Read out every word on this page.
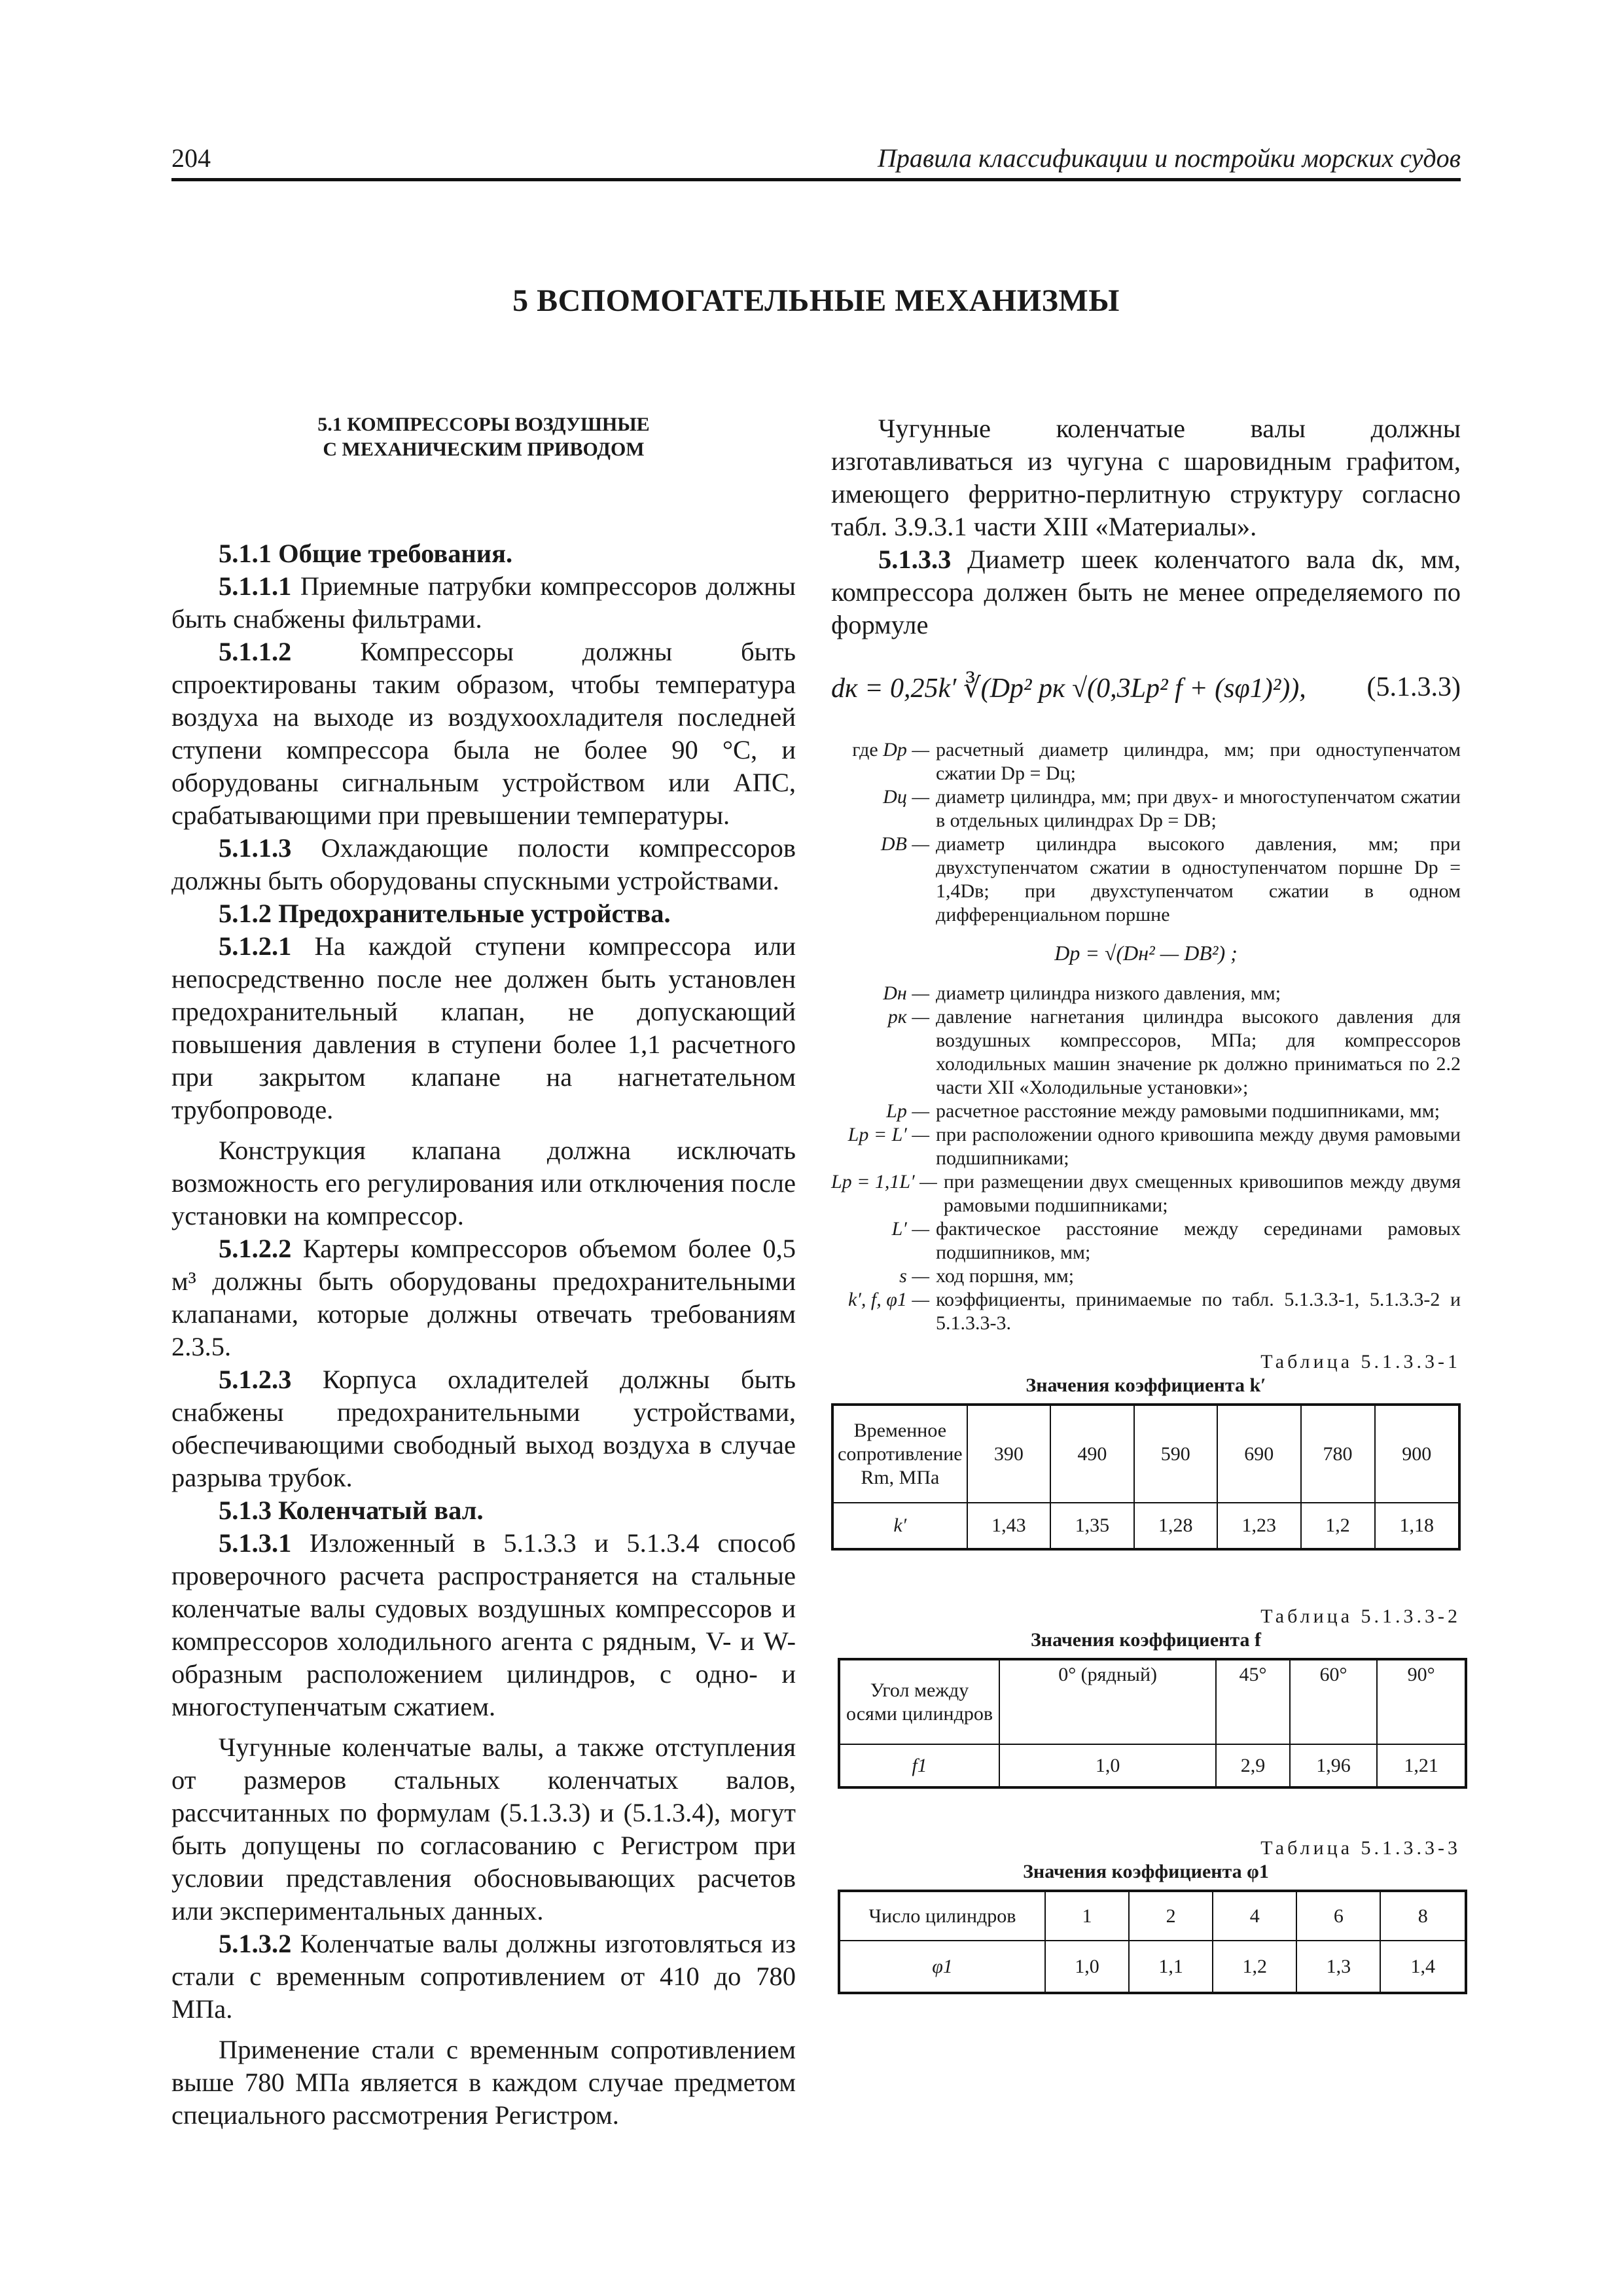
204	Правила классификации и постройки морских судов
5 ВСПОМОГАТЕЛЬНЫЕ МЕХАНИЗМЫ
5.1 КОМПРЕССОРЫ ВОЗДУШНЫЕ
С МЕХАНИЧЕСКИМ ПРИВОДОМ

5.1.1 Общие требования.

5.1.1.1 Приемные патрубки компрессоров должны быть снабжены фильтрами.

5.1.1.2 Компрессоры должны быть спроектированы таким образом, чтобы температура воздуха на выходе из воздухоохладителя последней ступени компрессора была не более 90 °С, и оборудованы сигнальным устройством или АПС, срабатывающими при превышении температуры.

5.1.1.3 Охлаждающие полости компрессоров должны быть оборудованы спускными устройствами.

5.1.2 Предохранительные устройства.

5.1.2.1 На каждой ступени компрессора или непосредственно после нее должен быть установлен предохранительный клапан, не допускающий повышения давления в ступени более 1,1 расчетного при закрытом клапане на нагнетательном трубопроводе.

Конструкция клапана должна исключать возможность его регулирования или отключения после установки на компрессор.

5.1.2.2 Картеры компрессоров объемом более 0,5 м³ должны быть оборудованы предохранительными клапанами, которые должны отвечать требованиям 2.3.5.

5.1.2.3 Корпуса охладителей должны быть снабжены предохранительными устройствами, обеспечивающими свободный выход воздуха в случае разрыва трубок.

5.1.3 Коленчатый вал.

5.1.3.1 Изложенный в 5.1.3.3 и 5.1.3.4 способ проверочного расчета распространяется на стальные коленчатые валы судовых воздушных компрессоров и компрессоров холодильного агента с рядным, V- и W-образным расположением цилиндров, с одно- и многоступенчатым сжатием.

Чугунные коленчатые валы, а также отступления от размеров стальных коленчатых валов, рассчитанных по формулам (5.1.3.3) и (5.1.3.4), могут быть допущены по согласованию с Регистром при условии представления обосновывающих расчетов или экспериментальных данных.

5.1.3.2 Коленчатые валы должны изготовляться из стали с временным сопротивлением от 410 до 780 МПа.

Применение стали с временным сопротивлением выше 780 МПа является в каждом случае предметом специального рассмотрения Регистром.

Чугунные коленчатые валы должны изготавливаться из чугуна с шаровидным графитом, имеющего ферритно-перлитную структуру согласно табл. 3.9.3.1 части XIII «Материалы».

5.1.3.3 Диаметр шеек коленчатого вала dк, мм, компрессора должен быть не менее определяемого по формуле

dк = 0,25k′ ∛(Dр² pк √(0,3Lр² f + (sφ1)²)), (5.1.3.3)
где Dр — расчетный диаметр цилиндра, мм; при одноступенчатом сжатии Dр = Dц;
Dц — диаметр цилиндра, мм; при двух- и многоступенчатом сжатии в отдельных цилиндрах Dр = DВ;
DВ — диаметр цилиндра высокого давления, мм; при двухступенчатом сжатии в одноступенчатом поршне Dр = 1,4Dв; при двухступенчатом сжатии в одном дифференциальном поршне
Dр = √(Dн² — DВ²) ;
Dн — диаметр цилиндра низкого давления, мм;
pк — давление нагнетания цилиндра высокого давления для воздушных компрессоров, МПа; для компрессоров холодильных машин значение pк должно приниматься по 2.2 части XII «Холодильные установки»;
Lр — расчетное расстояние между рамовыми подшипниками, мм;
Lр = L′ — при расположении одного кривошипа между двумя рамовыми подшипниками;
Lр = 1,1L′ — при размещении двух смещенных кривошипов между двумя рамовыми подшипниками;
L′ — фактическое расстояние между серединами рамовых подшипников, мм;
s — ход поршня, мм;
k′, f, φ1 — коэффициенты, принимаемые по табл. 5.1.3.3-1, 5.1.3.3-2 и 5.1.3.3-3.
Таблица 5.1.3.3-1
Значения коэффициента k′
Временное сопротивление Rm, МПа	390	490	590	690	780	900
k′	1,43	1,35	1,28	1,23	1,2	1,18
Таблица 5.1.3.3-2
Значения коэффициента f
Угол между осями цилиндров	0° (рядный)	45°	60°	90°
f1	1,0	2,9	1,96	1,21
Таблица 5.1.3.3-3
Значения коэффициента φ1
Число цилиндров	1	2	4	6	8
φ1	1,0	1,1	1,2	1,3	1,4
